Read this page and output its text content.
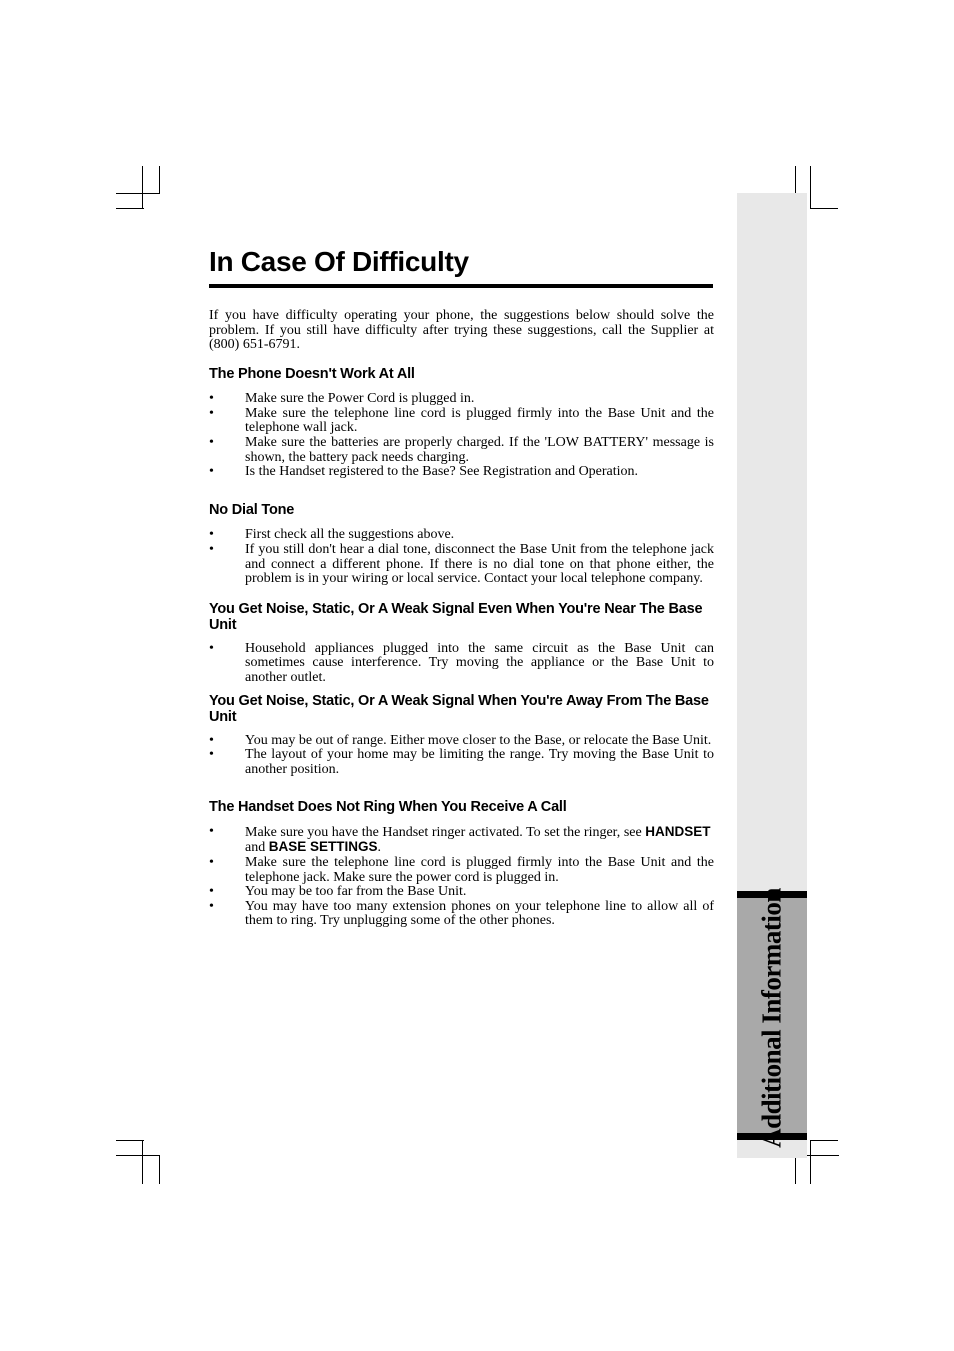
Additional Information
In Case Of Difficulty

If you have difficulty operating your phone, the suggestions below should solve the problem. If you still have difficulty after trying these suggestions, call the Supplier at (800) 651-6791.

The Phone Doesn't Work At All
• Make sure the Power Cord is plugged in.
• Make sure the telephone line cord is plugged firmly into the Base Unit and the telephone wall jack.
• Make sure the batteries are properly charged. If the 'LOW BATTERY' message is shown, the battery pack needs charging.
• Is the Handset registered to the Base? See Registration and Operation.
No Dial Tone
• First check all the suggestions above.
• If you still don't hear a dial tone, disconnect the Base Unit from the telephone jack and connect a different phone. If there is no dial tone on that phone either, the problem is in your wiring or local service. Contact your local telephone company.
You Get Noise, Static, Or A Weak Signal Even When You're Near The Base Unit
• Household appliances plugged into the same circuit as the Base Unit can sometimes cause interference. Try moving the appliance or the Base Unit to another outlet.
You Get Noise, Static, Or A Weak Signal When You're Away From The Base Unit
• You may be out of range. Either move closer to the Base, or relocate the Base Unit.
• The layout of your home may be limiting the range. Try moving the Base Unit to another position.
The Handset Does Not Ring When You Receive A Call
• Make sure you have the Handset ringer activated. To set the ringer, see HANDSET  and BASE SETTINGS.
• Make sure the telephone line cord is plugged firmly into the Base Unit and the telephone jack. Make sure the power cord is plugged in.
• You may be too far from the Base Unit.
• You may have too many extension phones on your telephone line to allow all of them to ring. Try unplugging some of the other phones.
